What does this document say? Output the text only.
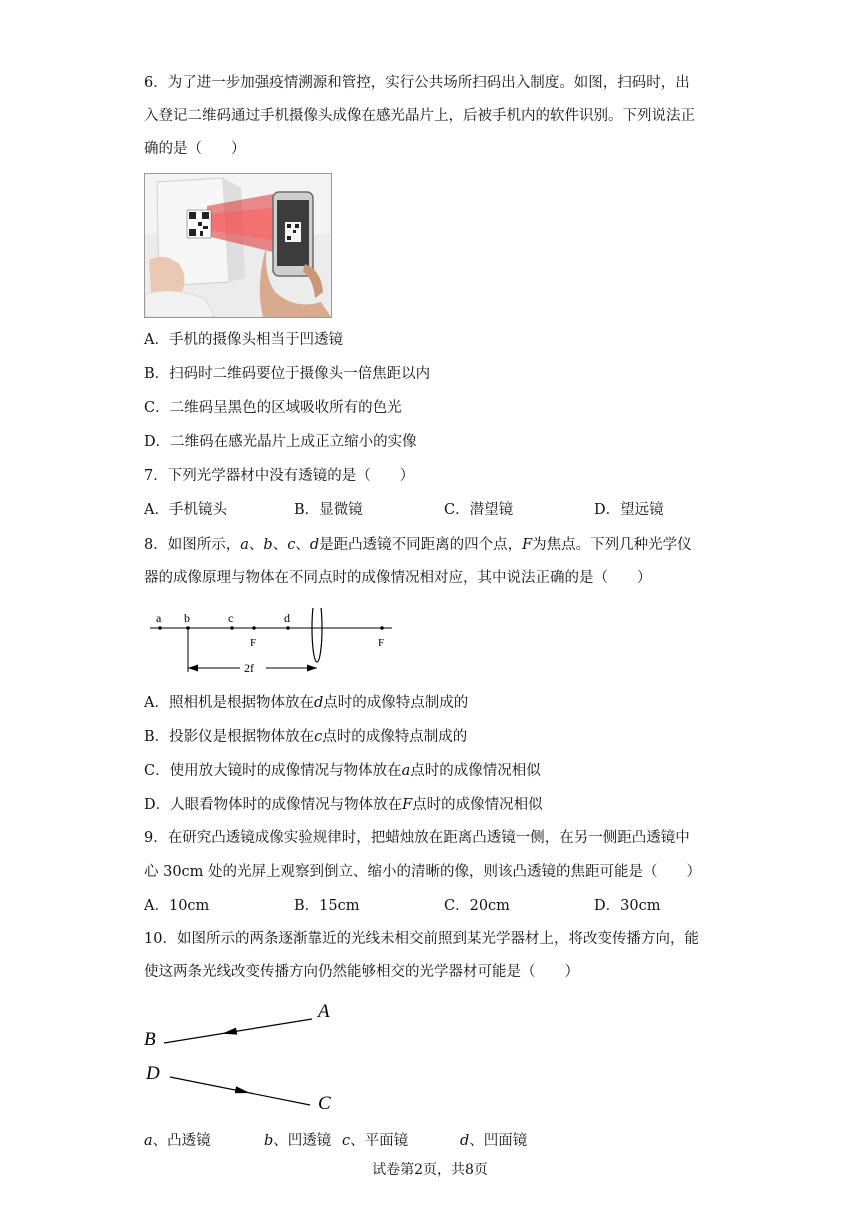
6．为了进一步加强疫情溯源和管控，实行公共场所扫码出入制度。如图，扫码时，出
入登记二维码通过手机摄像头成像在感光晶片上，后被手机内的软件识别。下列说法正
确的是（　　）
A．手机的摄像头相当于凹透镜
B．扫码时二维码要位于摄像头一倍焦距以内
C．二维码呈黑色的区域吸收所有的色光
D．二维码在感光晶片上成正立缩小的实像
7．下列光学器材中没有透镜的是（　　）
A．手机镜头	B．显微镜	C．潜望镜	D．望远镜
8．如图所示，a、b、c、d是距凸透镜不同距离的四个点，F为焦点。下列几种光学仪
器的成像原理与物体在不同点时的成像情况相对应，其中说法正确的是（　　）
a b	c
F
d
F
2f
A．照相机是根据物体放在d点时的成像特点制成的
B．投影仪是根据物体放在c点时的成像特点制成的
C．使用放大镜时的成像情况与物体放在a点时的成像情况相似
D．人眼看物体时的成像情况与物体放在F点时的成像情况相似
9．在研究凸透镜成像实验规律时，把蜡烛放在距离凸透镜一侧，在另一侧距凸透镜中
心 30cm 处的光屏上观察到倒立、缩小的清晰的像，则该凸透镜的焦距可能是（　　）
A．10cm	B．15cm	C．20cm	D．30cm
10．如图所示的两条逐渐靠近的光线未相交前照到某光学器材上，将改变传播方向，能
使这两条光线改变传播方向仍然能够相交的光学器材可能是（　　）
A
B
D
C
a、凸透镜	b、凹透镜 c、平面镜	d、凹面镜
试卷第2页，共8页
